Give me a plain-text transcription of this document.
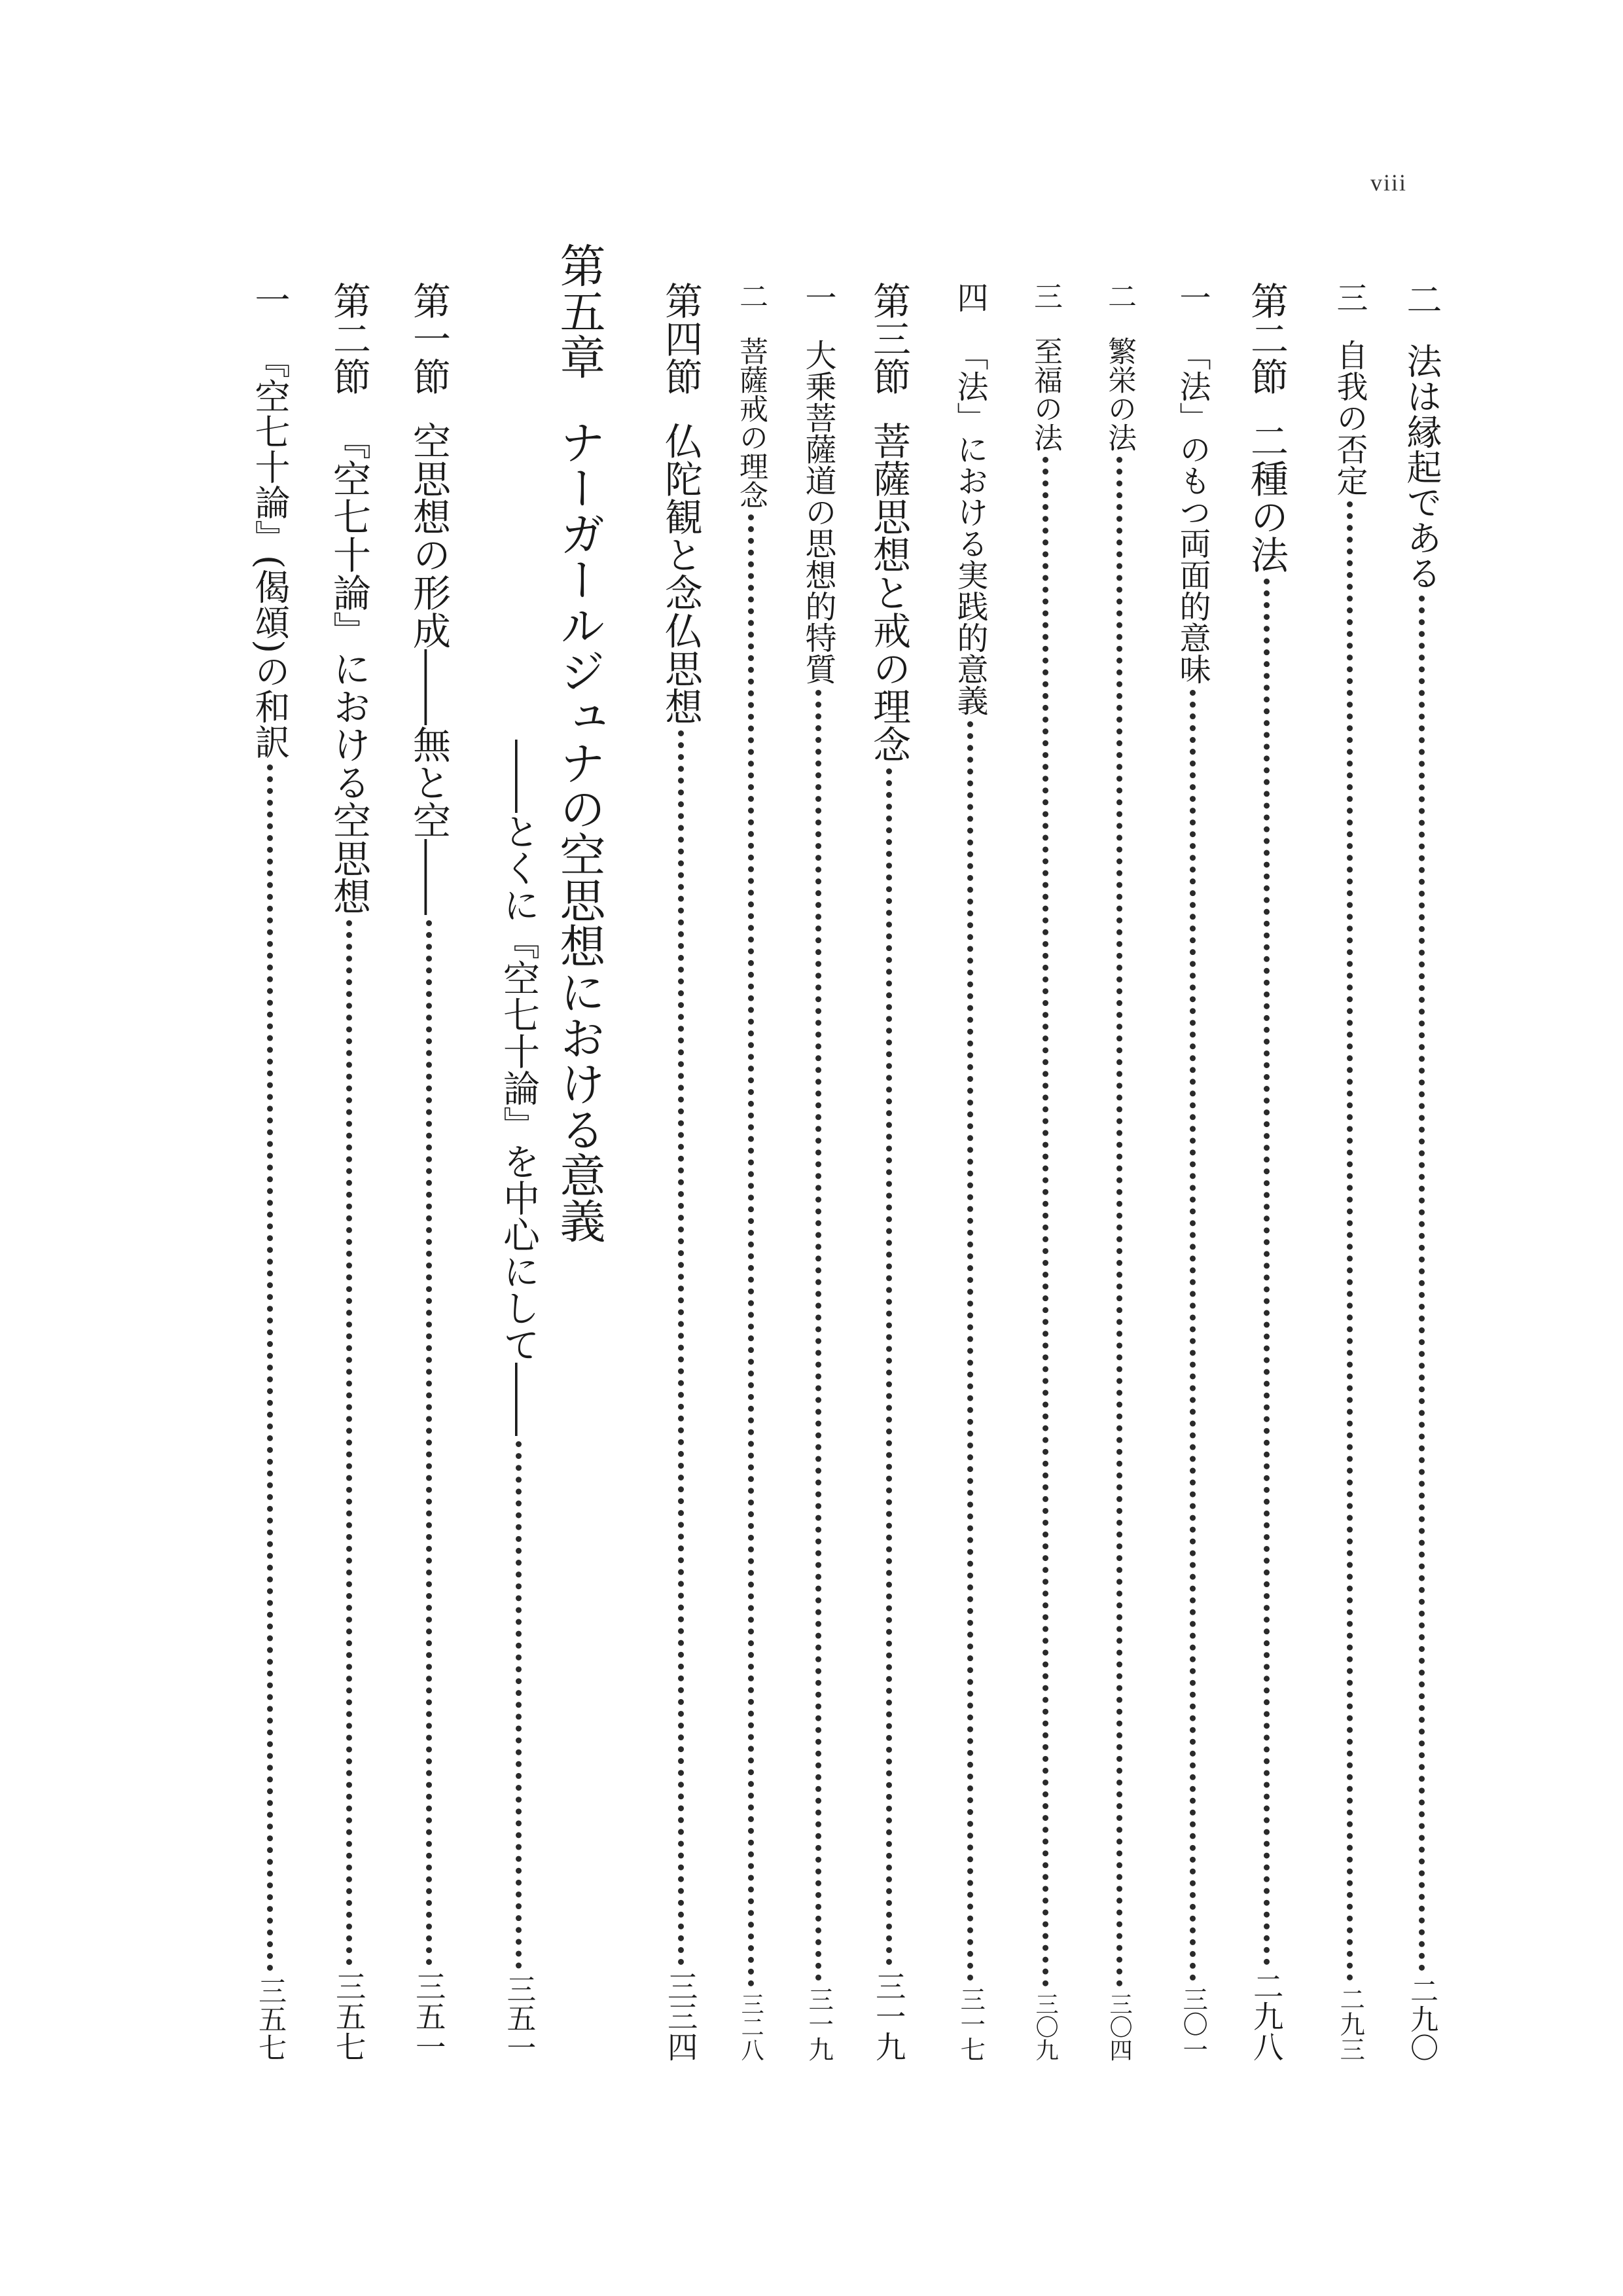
viii
二
法は縁起である
二九〇
三
自我の否定
二九三
第二節
二種の法
二九八
一
「法」のもつ両面的意味
三〇一
二
繁栄の法
三〇四
三
至福の法
三〇九
四
「法」における実践的意義
三一七
第三節
菩薩思想と戒の理念
三一九
一
大乗菩薩道の思想的特質
三一九
二
菩薩戒の理念
三二八
第四節
仏陀観と念仏思想
三三四
第五章
ナーガールジュナの空思想における意義
――とくに『空七十論』を中心にして――
三五一
第一節
空思想の形成――無と空――
三五一
第二節
『空七十論』における空思想
三五七
一
『空七十論』(偈頌)の和訳
三五七
